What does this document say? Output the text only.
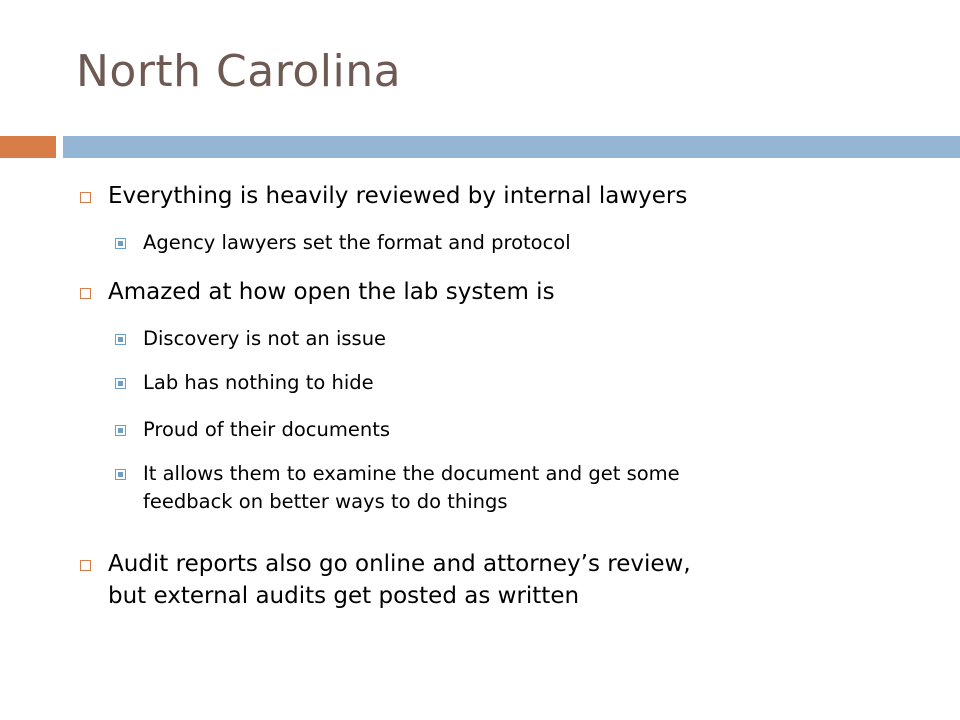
North Carolina
Everything is heavily reviewed by internal lawyers
Agency lawyers set the format and protocol
Amazed at how open the lab system is
Discovery is not an issue
Lab has nothing to hide
Proud of their documents
It allows them to examine the document and get some
feedback on better ways to do things
Audit reports also go online and attorney’s review,
but external audits get posted as written
